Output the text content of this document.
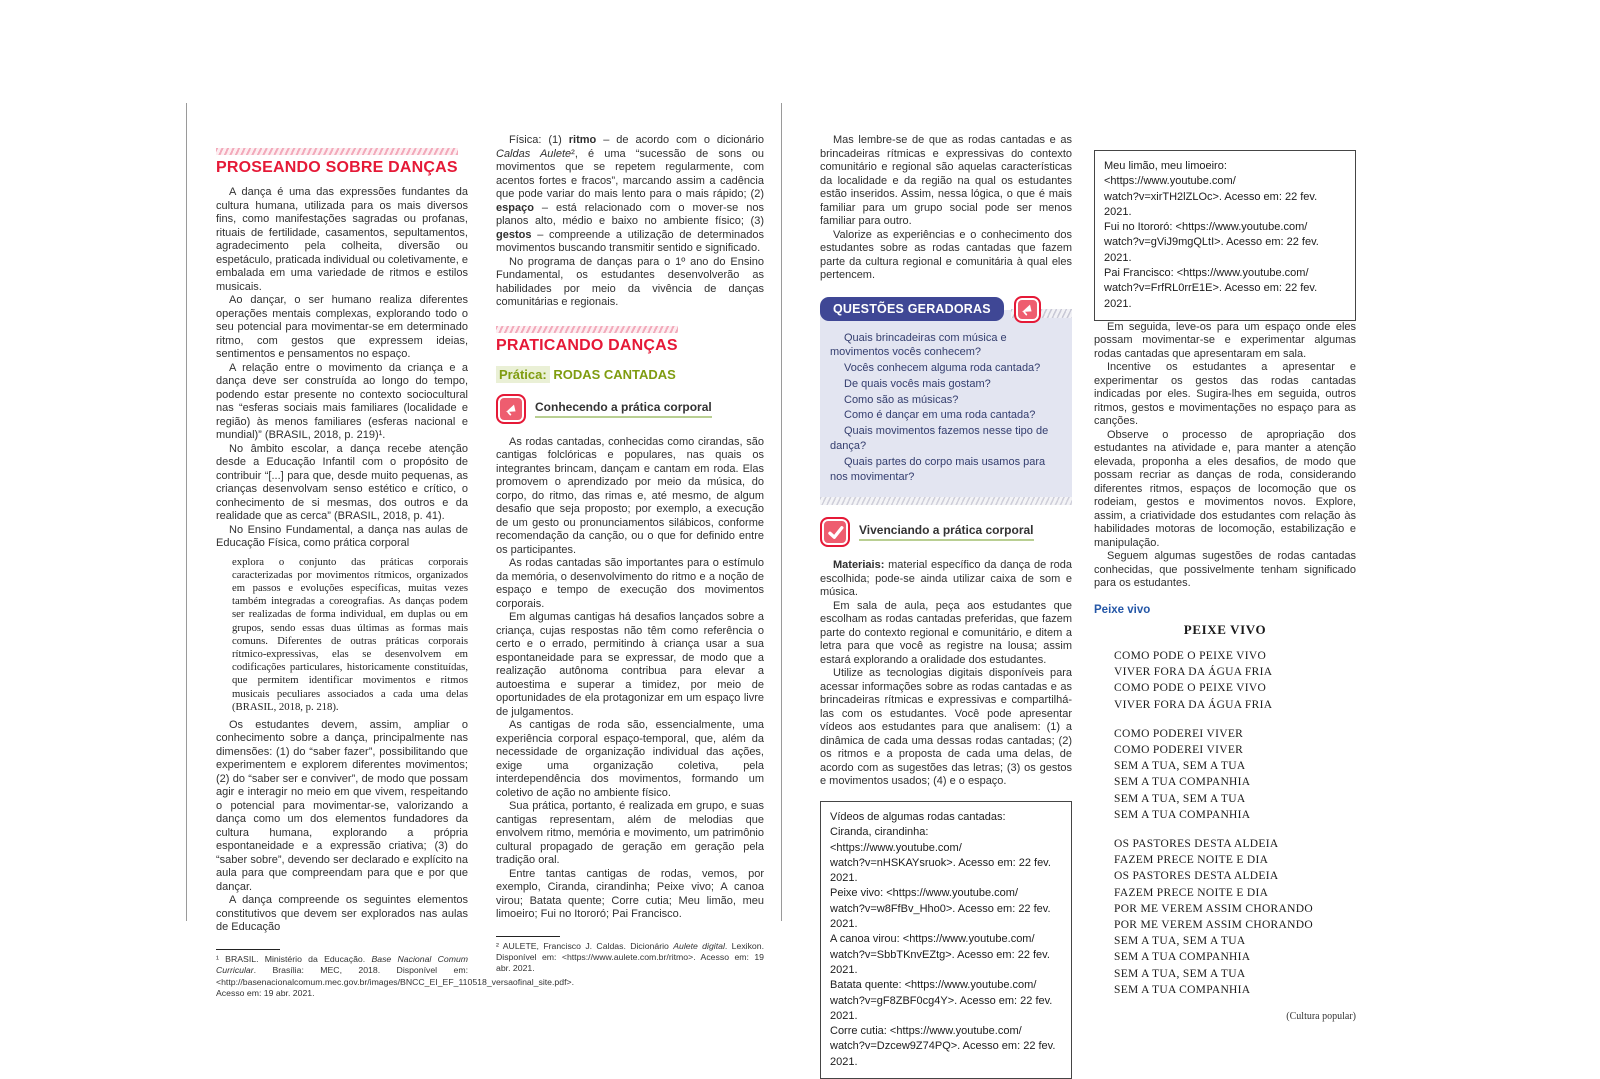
PROSEANDO SOBRE DANÇAS

A dança é uma das expressões fundantes da cultura humana, utilizada para os mais diversos fins, como manifestações sagradas ou profanas, rituais de fertilidade, casamentos, sepultamentos, agradecimento pela colheita, diversão ou espetáculo, praticada individual ou coletivamente, e embalada em uma variedade de ritmos e estilos musicais.

Ao dançar, o ser humano realiza diferentes operações mentais complexas, explorando todo o seu potencial para movimentar-se em determinado ritmo, com gestos que expressem ideias, sentimentos e pensamentos no espaço.

A relação entre o movimento da criança e a dança deve ser construída ao longo do tempo, podendo estar presente no contexto sociocultural nas “esferas sociais mais familiares (localidade e região) às menos familiares (esferas nacional e mundial)” (BRASIL, 2018, p. 219)¹.

No âmbito escolar, a dança recebe atenção desde a Educação Infantil com o propósito de contribuir “[...] para que, desde muito pequenas, as crianças desenvolvam senso estético e crítico, o conhecimento de si mesmas, dos outros e da realidade que as cerca” (BRASIL, 2018, p. 41).

No Ensino Fundamental, a dança nas aulas de Educação Física, como prática corporal

explora o conjunto das práticas corporais caracterizadas por movimentos rítmicos, organizados em passos e evoluções específicas, muitas vezes também integradas a coreografias. As danças podem ser realizadas de forma individual, em duplas ou em grupos, sendo essas duas últimas as formas mais comuns. Diferentes de outras práticas corporais rítmico-expressivas, elas se desenvolvem em codificações particulares, historicamente constituídas, que permitem identificar movimentos e ritmos musicais peculiares associados a cada uma delas (BRASIL, 2018, p. 218).

Os estudantes devem, assim, ampliar o conhecimento sobre a dança, principalmente nas dimensões: (1) do “saber fazer”, possibilitando que experimentem e explorem diferentes movimentos; (2) do “saber ser e conviver”, de modo que possam agir e interagir no meio em que vivem, respeitando o potencial para movimentar-se, valorizando a dança como um dos elementos fundadores da cultura humana, explorando a própria espontaneidade e a expressão criativa; (3) do “saber sobre”, devendo ser declarado e explícito na aula para que compreendam para que e por que dançar.

A dança compreende os seguintes elementos constitutivos que devem ser explorados nas aulas de Educação

¹ BRASIL. Ministério da Educação. Base Nacional Comum Curricular. Brasília: MEC, 2018. Disponível em: <http://basenacionalcomum.mec.gov.br/images/BNCC_EI_EF_110518_versaofinal_site.pdf>. Acesso em: 19 abr. 2021.

Física: (1) ritmo – de acordo com o dicionário Caldas Aulete², é uma “sucessão de sons ou movimentos que se repetem regularmente, com acentos fortes e fracos”, marcando assim a cadência que pode variar do mais lento para o mais rápido; (2) espaço – está relacionado com o mover-se nos planos alto, médio e baixo no ambiente físico; (3) gestos – compreende a utilização de determinados movimentos buscando transmitir sentido e significado.

No programa de danças para o 1º ano do Ensino Fundamental, os estudantes desenvolverão as habilidades por meio da vivência de danças comunitárias e regionais.

PRATICANDO DANÇAS
Prática: RODAS CANTADAS
Conhecendo a prática corporal

As rodas cantadas, conhecidas como cirandas, são cantigas folclóricas e populares, nas quais os integrantes brincam, dançam e cantam em roda. Elas promovem o aprendizado por meio da música, do corpo, do ritmo, das rimas e, até mesmo, de algum desafio que seja proposto; por exemplo, a execução de um gesto ou pronunciamentos silábicos, conforme recomendação da canção, ou o que for definido entre os participantes.

As rodas cantadas são importantes para o estímulo da memória, o desenvolvimento do ritmo e a noção de espaço e tempo de execução dos movimentos corporais.

Em algumas cantigas há desafios lançados sobre a criança, cujas respostas não têm como referência o certo e o errado, permitindo à criança usar a sua espontaneidade para se expressar, de modo que a realização autônoma contribua para elevar a autoestima e superar a timidez, por meio de oportunidades de ela protagonizar em um espaço livre de julgamentos.

As cantigas de roda são, essencialmente, uma experiência corporal espaço-temporal, que, além da necessidade de organização individual das ações, exige uma organização coletiva, pela interdependência dos movimentos, formando um coletivo de ação no ambiente físico.

Sua prática, portanto, é realizada em grupo, e suas cantigas representam, além de melodias que envolvem ritmo, memória e movimento, um patrimônio cultural propagado de geração em geração pela tradição oral.

Entre tantas cantigas de rodas, vemos, por exemplo, Ciranda, cirandinha; Peixe vivo; A canoa virou; Batata quente; Corre cutia; Meu limão, meu limoeiro; Fui no Itororó; Pai Francisco.

² AULETE, Francisco J. Caldas. Dicionário Aulete digital. Lexikon. Disponível em: <https://www.aulete.com.br/ritmo>. Acesso em: 19 abr. 2021.

Mas lembre-se de que as rodas cantadas e as brincadeiras rítmicas e expressivas do contexto comunitário e regional são aquelas características da localidade e da região na qual os estudantes estão inseridos. Assim, nessa lógica, o que é mais familiar para um grupo social pode ser menos familiar para outro.

Valorize as experiências e o conhecimento dos estudantes sobre as rodas cantadas que fazem parte da cultura regional e comunitária à qual eles pertencem.

QUESTÕES GERADORAS

Quais brincadeiras com música e movimentos vocês conhecem?

Vocês conhecem alguma roda cantada?

De quais vocês mais gostam?

Como são as músicas?

Como é dançar em uma roda cantada?

Quais movimentos fazemos nesse tipo de dança?

Quais partes do corpo mais usamos para nos movimentar?

Vivenciando a prática corporal

Materiais: material específico da dança de roda escolhida; pode-se ainda utilizar caixa de som e música.

Em sala de aula, peça aos estudantes que escolham as rodas cantadas preferidas, que fazem parte do contexto regional e comunitário, e ditem a letra para que você as registre na lousa; assim estará explorando a oralidade dos estudantes.

Utilize as tecnologias digitais disponíveis para acessar informações sobre as rodas cantadas e as brincadeiras rítmicas e expressivas e compartilhá-las com os estudantes. Você pode apresentar vídeos aos estudantes para que analisem: (1) a dinâmica de cada uma dessas rodas cantadas; (2) os ritmos e a proposta de cada uma delas, de acordo com as sugestões das letras; (3) os gestos e movimentos usados; (4) e o espaço.

Vídeos de algumas rodas cantadas:

Ciranda, cirandinha: <https://www.youtube.com/

watch?v=nHSKAYsruok>. Acesso em: 22 fev. 2021.

Peixe vivo: <https://www.youtube.com/

watch?v=w8FfBv_Hho0>. Acesso em: 22 fev. 2021.

A canoa virou: <https://www.youtube.com/

watch?v=SbbTKnvEZtg>. Acesso em: 22 fev. 2021.

Batata quente: <https://www.youtube.com/

watch?v=gF8ZBF0cg4Y>. Acesso em: 22 fev. 2021.

Corre cutia: <https://www.youtube.com/

watch?v=Dzcew9Z74PQ>. Acesso em: 22 fev. 2021.

Meu limão, meu limoeiro: <https://www.youtube.com/

watch?v=xirTH2lZLOc>. Acesso em: 22 fev. 2021.

Fui no Itororó: <https://www.youtube.com/

watch?v=gViJ9mgQLtI>. Acesso em: 22 fev. 2021.

Pai Francisco: <https://www.youtube.com/

watch?v=FrfRL0rrE1E>. Acesso em: 22 fev. 2021.

Em seguida, leve-os para um espaço onde eles possam movimentar-se e experimentar algumas rodas cantadas que apresentaram em sala.

Incentive os estudantes a apresentar e experimentar os gestos das rodas cantadas indicadas por eles. Sugira-lhes em seguida, outros ritmos, gestos e movimentações no espaço para as canções.

Observe o processo de apropriação dos estudantes na atividade e, para manter a atenção elevada, proponha a eles desafios, de modo que possam recriar as danças de roda, considerando diferentes ritmos, espaços de locomoção que os rodeiam, gestos e movimentos novos. Explore, assim, a criatividade dos estudantes com relação às habilidades motoras de locomoção, estabilização e manipulação.

Seguem algumas sugestões de rodas cantadas conhecidas, que possivelmente tenham significado para os estudantes.

Peixe vivo
PEIXE VIVO
COMO PODE O PEIXE VIVO
VIVER FORA DA ÁGUA FRIA
COMO PODE O PEIXE VIVO
VIVER FORA DA ÁGUA FRIA
COMO PODEREI VIVER
COMO PODEREI VIVER
SEM A TUA, SEM A TUA
SEM A TUA COMPANHIA
SEM A TUA, SEM A TUA
SEM A TUA COMPANHIA
OS PASTORES DESTA ALDEIA
FAZEM PRECE NOITE E DIA
OS PASTORES DESTA ALDEIA
FAZEM PRECE NOITE E DIA
POR ME VEREM ASSIM CHORANDO
POR ME VEREM ASSIM CHORANDO
SEM A TUA, SEM A TUA
SEM A TUA COMPANHIA
SEM A TUA, SEM A TUA
SEM A TUA COMPANHIA
(Cultura popular)
